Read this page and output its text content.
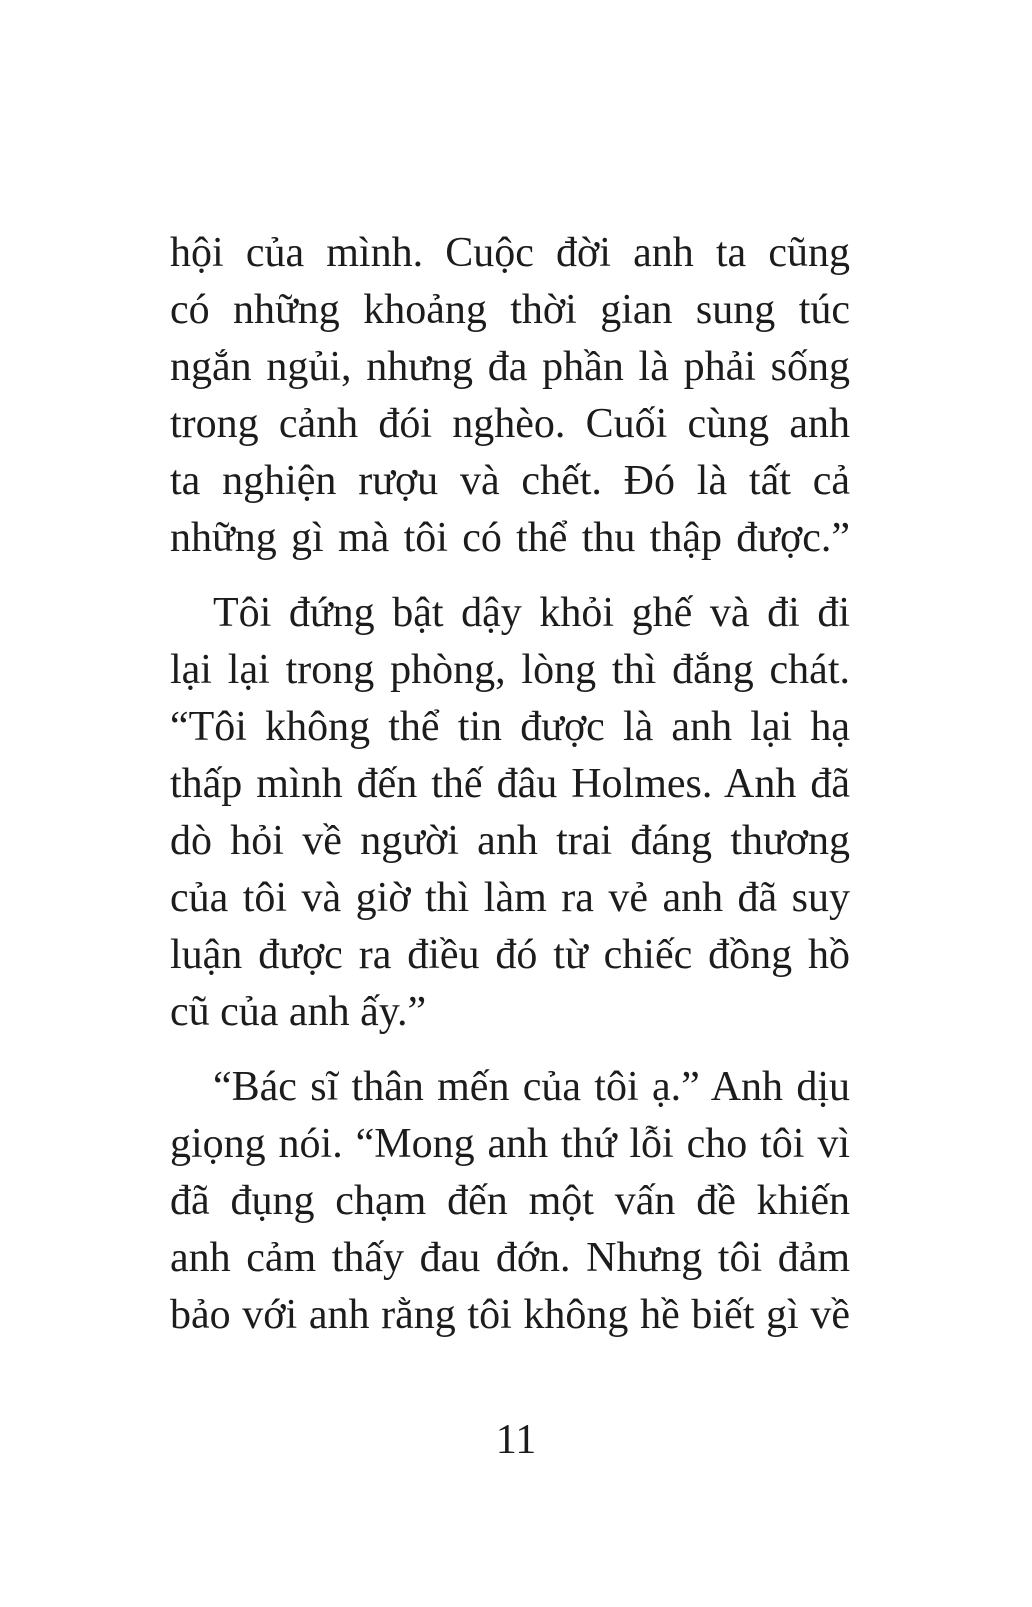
hội của mình. Cuộc đời anh ta cũng
có những khoảng thời gian sung túc
ngắn ngủi, nhưng đa phần là phải sống
trong cảnh đói nghèo. Cuối cùng anh
ta nghiện rượu và chết. Đó là tất cả
những gì mà tôi có thể thu thập được.”

Tôi đứng bật dậy khỏi ghế và đi đi
lại lại trong phòng, lòng thì đắng chát.
“Tôi không thể tin được là anh lại hạ
thấp mình đến thế đâu Holmes. Anh đã
dò hỏi về người anh trai đáng thương
của tôi và giờ thì làm ra vẻ anh đã suy
luận được ra điều đó từ chiếc đồng hồ
cũ của anh ấy.”

“Bác sĩ thân mến của tôi ạ.” Anh dịu
giọng nói. “Mong anh thứ lỗi cho tôi vì
đã đụng chạm đến một vấn đề khiến
anh cảm thấy đau đớn. Nhưng tôi đảm
bảo với anh rằng tôi không hề biết gì về

11
